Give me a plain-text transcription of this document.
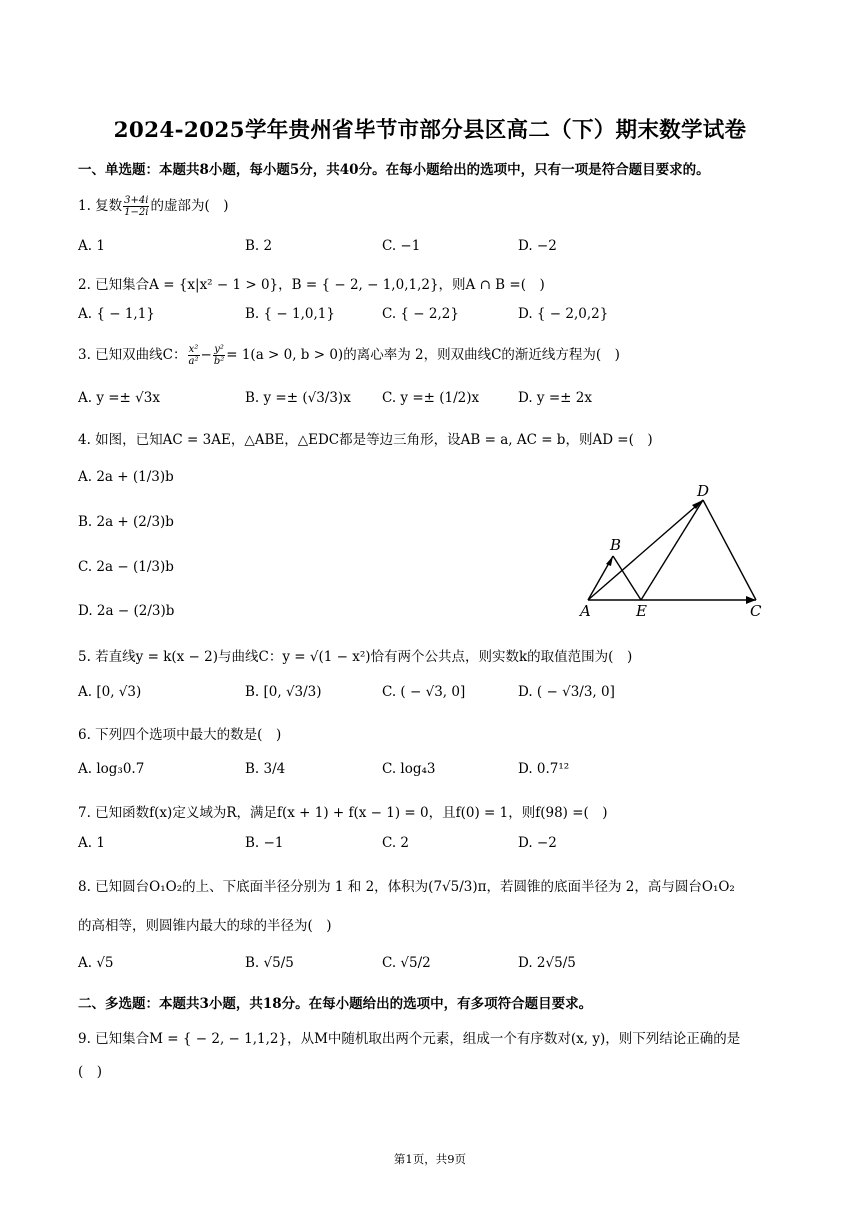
2024-2025学年贵州省毕节市部分县区高二（下）期末数学试卷
一、单选题：本题共8小题，每小题5分，共40分。在每小题给出的选项中，只有一项是符合题目要求的。
1. 复数 $\frac{3+4i}{1-2i}$ 的虚部为(　)
A. 1	B. 2	C. −1	D. −2
2. 已知集合A = {x|x² − 1 > 0}，B = { − 2, − 1,0,1,2}，则A ∩ B =(　)
A. { − 1,1}	B. { − 1,0,1}	C. { − 2,2}	D. { − 2,0,2}
3. 已知双曲线C： $\frac{\text{x²}}{\text{a²}} - \frac{\text{y²}}{\text{b²}} = 1(a > 0$, b > 0)的离心率为 2，则双曲线C的渐近线方程为(　)
A. y =± √3x	B. y =± (√3/3)x C. y =± (1/2)x	D. y =± 2x
4. 如图，已知AC = 3AE，△ABE，△EDC都是等边三角形，设AB = a, AC = b，则AD =(　)
A. 2a + (1/3)b
B. 2a + (2/3)b
C. 2a − (1/3)b
D. 2a − (2/3)b	A
B
E
D
C
5. 若直线y = k(x − 2)与曲线C：y = √(1 − x²)恰有两个公共点，则实数k的取值范围为(　)
A. [0, √3)	B. [0, √3/3)	C. ( − √3, 0]	D. ( − √3/3, 0]
6. 下列四个选项中最大的数是(　)
A. log₃0.7	B. 3/4	C. log₄3	D. 0.7¹²
7. 已知函数f(x)定义域为R，满足f(x + 1) + f(x − 1) = 0，且f(0) = 1，则f(98) =(　)
A. 1	B. −1	C. 2	D. −2
8. 已知圆台O₁O₂的上、下底面半径分别为 1 和 2，体积为(7√5/3)π，若圆锥的底面半径为 2，高与圆台O₁O₂
的高相等，则圆锥内最大的球的半径为(　)
A. √5	B. √5/5	C. √5/2	D. 2√5/5
二、多选题：本题共3小题，共18分。在每小题给出的选项中，有多项符合题目要求。
9. 已知集合M = { − 2, − 1,1,2}，从M中随机取出两个元素，组成一个有序数对(x, y)，则下列结论正确的是
(　)
第1页，共9页
